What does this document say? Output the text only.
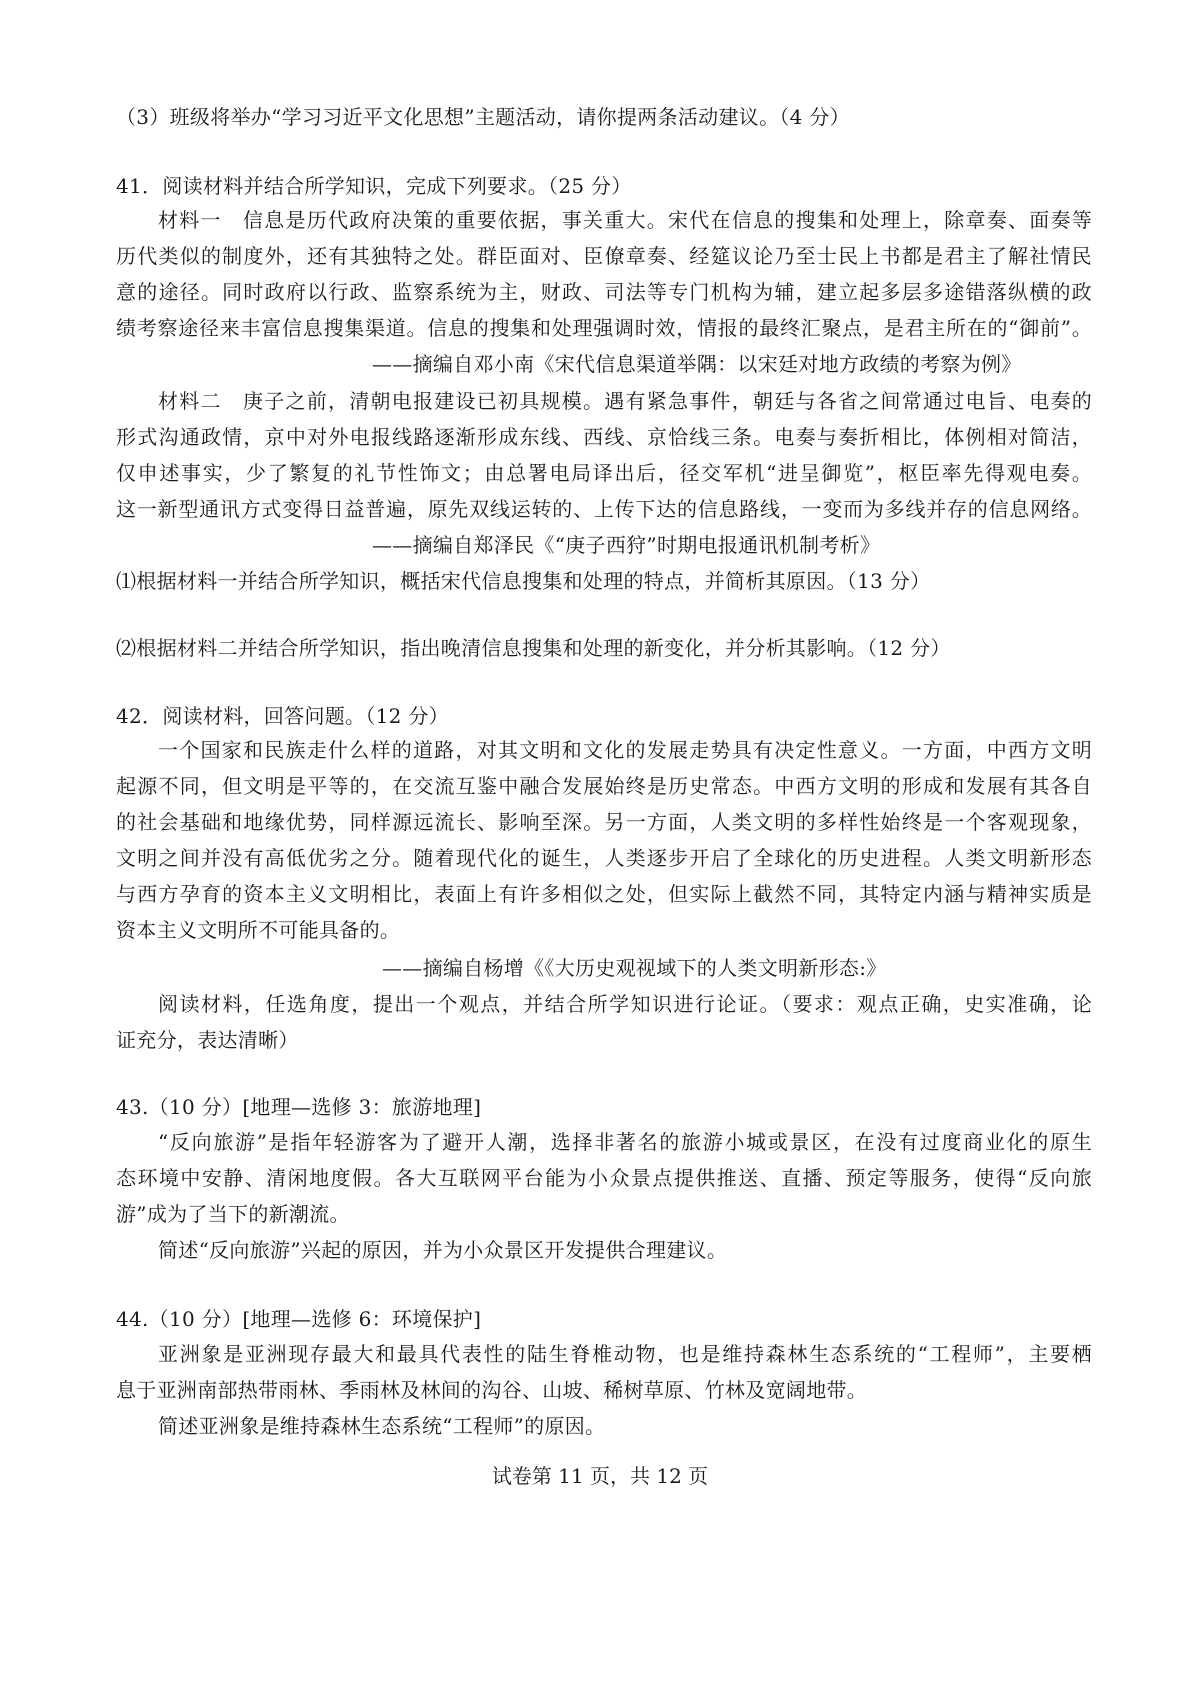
（3）班级将举办“学习习近平文化思想”主题活动，请你提两条活动建议。（4 分）
41．阅读材料并结合所学知识，完成下列要求。（25 分）
材料一　信息是历代政府决策的重要依据，事关重大。宋代在信息的搜集和处理上，除章奏、面奏等
历代类似的制度外，还有其独特之处。群臣面对、臣僚章奏、经筵议论乃至士民上书都是君主了解社情民
意的途径。同时政府以行政、监察系统为主，财政、司法等专门机构为辅，建立起多层多途错落纵横的政
绩考察途径来丰富信息搜集渠道。信息的搜集和处理强调时效，情报的最终汇聚点，是君主所在的“御前”。
——摘编自邓小南《宋代信息渠道举隅：以宋廷对地方政绩的考察为例》
材料二　庚子之前，清朝电报建设已初具规模。遇有紧急事件，朝廷与各省之间常通过电旨、电奏的
形式沟通政情，京中对外电报线路逐渐形成东线、西线、京恰线三条。电奏与奏折相比，体例相对简洁，
仅申述事实，少了繁复的礼节性饰文；由总署电局译出后，径交军机“进呈御览”，枢臣率先得观电奏。
这一新型通讯方式变得日益普遍，原先双线运转的、上传下达的信息路线，一变而为多线并存的信息网络。
——摘编自郑泽民《“庚子西狩”时期电报通讯机制考析》
⑴根据材料一并结合所学知识，概括宋代信息搜集和处理的特点，并简析其原因。（13 分）
⑵根据材料二并结合所学知识，指出晚清信息搜集和处理的新变化，并分析其影响。（12 分）
42．阅读材料，回答问题。（12 分）
一个国家和民族走什么样的道路，对其文明和文化的发展走势具有决定性意义。一方面，中西方文明
起源不同，但文明是平等的，在交流互鉴中融合发展始终是历史常态。中西方文明的形成和发展有其各自
的社会基础和地缘优势，同样源远流长、影响至深。另一方面，人类文明的多样性始终是一个客观现象，
文明之间并没有高低优劣之分。随着现代化的诞生，人类逐步开启了全球化的历史进程。人类文明新形态
与西方孕育的资本主义文明相比，表面上有许多相似之处，但实际上截然不同，其特定内涵与精神实质是
资本主义文明所不可能具备的。
——摘编自杨增《《大历史观视域下的人类文明新形态:》
阅读材料，任选角度，提出一个观点，并结合所学知识进行论证。（要求：观点正确，史实准确，论
证充分，表达清晰）
43.（10 分）[地理—选修 3：旅游地理]
“反向旅游”是指年轻游客为了避开人潮，选择非著名的旅游小城或景区，在没有过度商业化的原生
态环境中安静、清闲地度假。各大互联网平台能为小众景点提供推送、直播、预定等服务，使得“反向旅
游”成为了当下的新潮流。
简述“反向旅游”兴起的原因，并为小众景区开发提供合理建议。
44.（10 分）[地理—选修 6：环境保护]
亚洲象是亚洲现存最大和最具代表性的陆生脊椎动物，也是维持森林生态系统的“工程师”，主要栖
息于亚洲南部热带雨林、季雨林及林间的沟谷、山坡、稀树草原、竹林及宽阔地带。
简述亚洲象是维持森林生态系统“工程师”的原因。
试卷第 11 页，共 12 页
